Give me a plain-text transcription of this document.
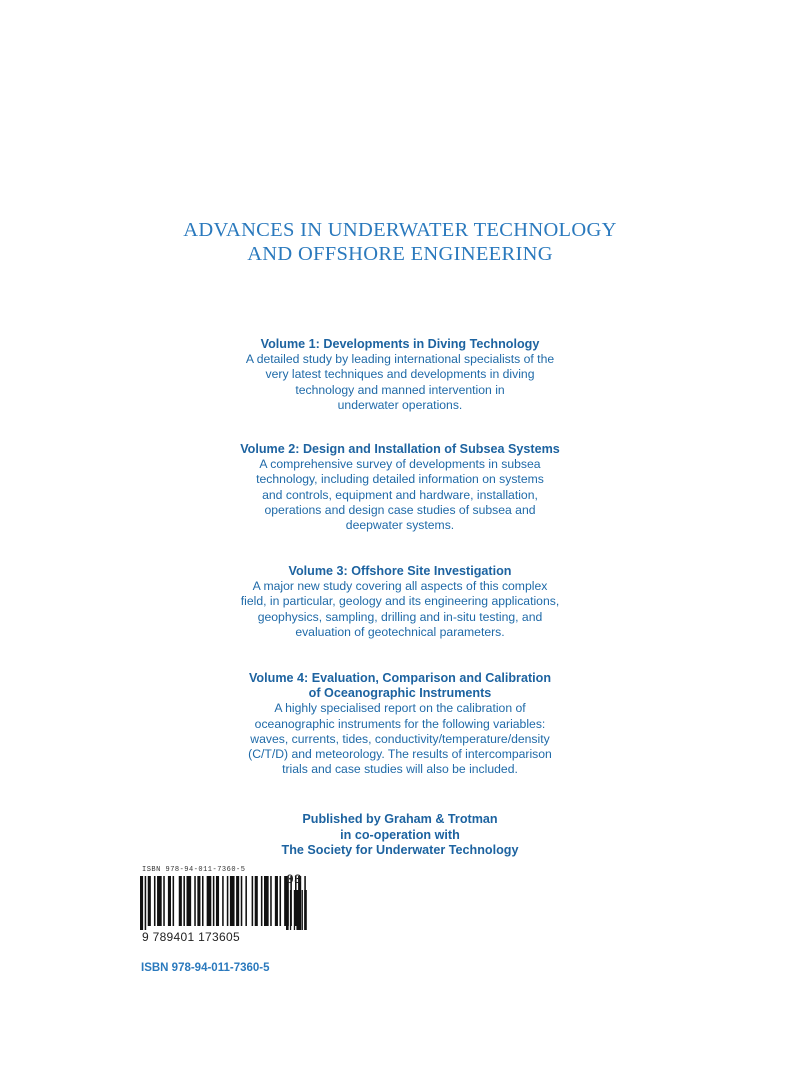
ADVANCES IN UNDERWATER TECHNOLOGY
AND OFFSHORE ENGINEERING
Volume 1: Developments in Diving Technology
A detailed study by leading international specialists of the
very latest techniques and developments in diving
technology and manned intervention in
underwater operations.
Volume 2: Design and Installation of Subsea Systems
A comprehensive survey of developments in subsea
technology, including detailed information on systems
and controls, equipment and hardware, installation,
operations and design case studies of subsea and
deepwater systems.
Volume 3: Offshore Site Investigation
A major new study covering all aspects of this complex
field, in particular, geology and its engineering applications,
geophysics, sampling, drilling and in-situ testing, and
evaluation of geotechnical parameters.
Volume 4: Evaluation, Comparison and Calibration
of Oceanographic Instruments
A highly specialised report on the calibration of
oceanographic instruments for the following variables:
waves, currents, tides, conductivity/temperature/density
(C/T/D) and meteorology. The results of intercomparison
trials and case studies will also be included.
Published by Graham & Trotman
in co-operation with
The Society for Underwater Technology
ISBN 978-94-011-7360-5
03
9 789401 173605
ISBN 978-94-011-7360-5
